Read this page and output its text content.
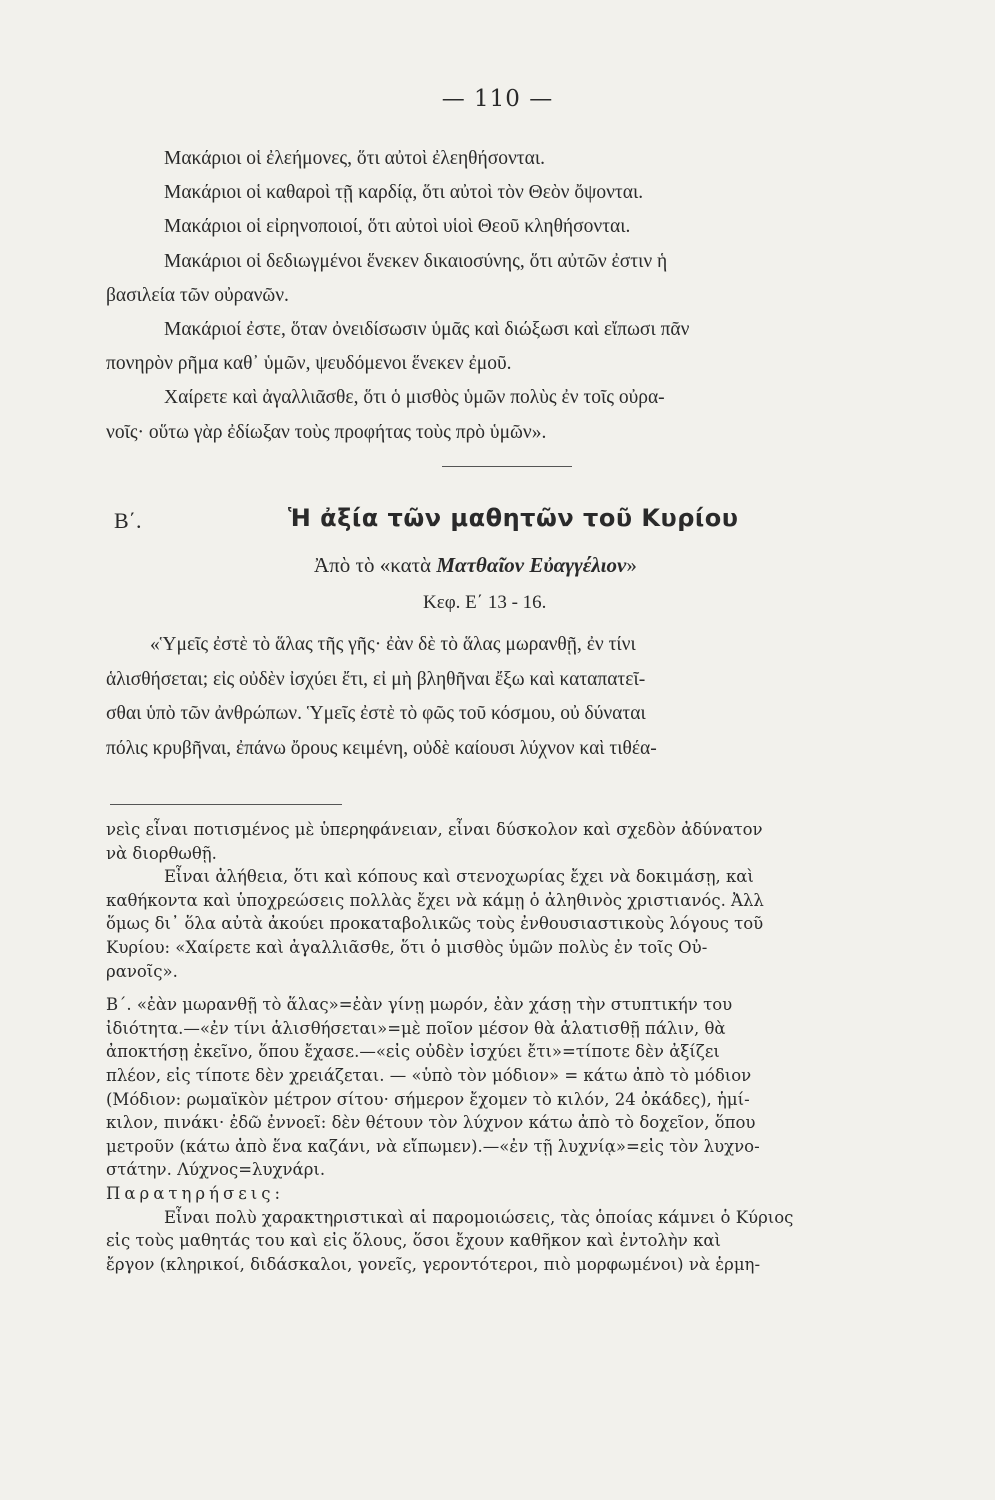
— 110 —

Μακάριοι οἱ ἐλεήμονες, ὅτι αὐτοὶ ἐλεηθήσονται.

Μακάριοι οἱ καθαροὶ τῇ καρδίᾳ, ὅτι αὐτοὶ τὸν Θεὸν ὄψονται.

Μακάριοι οἱ εἰρηνοποιοί, ὅτι αὐτοὶ υἱοὶ Θεοῦ κληθήσονται.

Μακάριοι οἱ δεδιωγμένοι ἕνεκεν δικαιοσύνης, ὅτι αὐτῶν ἐστιν ἡ

βασιλεία τῶν οὐρανῶν.

Μακάριοί ἐστε, ὅταν ὀνειδίσωσιν ὑμᾶς καὶ διώξωσι καὶ εἴπωσι πᾶν

πονηρὸν ρῆμα καθ᾽ ὑμῶν, ψευδόμενοι ἕνεκεν ἐμοῦ.

Χαίρετε καὶ ἀγαλλιᾶσθε, ὅτι ὁ μισθὸς ὑμῶν πολὺς ἐν τοῖς οὐρα-

νοῖς· οὕτω γὰρ ἐδίωξαν τοὺς προφήτας τοὺς πρὸ ὑμῶν».

Β΄.	Ἡ ἀξία τῶν μαθητῶν τοῦ Κυρίου
Ἀπὸ τὸ «κατὰ Ματθαῖον Εὐαγγέλιον»
Κεφ. Ε΄ 13 - 16.

«Ὑμεῖς ἐστὲ τὸ ἅλας τῆς γῆς· ἐὰν δὲ τὸ ἅλας μωρανθῇ, ἐν τίνι

ἁλισθήσεται; εἰς οὐδὲν ἰσχύει ἔτι, εἰ μὴ βληθῆναι ἔξω καὶ καταπατεῖ-

σθαι ὑπὸ τῶν ἀνθρώπων. Ὑμεῖς ἐστὲ τὸ φῶς τοῦ κόσμου, οὐ δύναται

πόλις κρυβῆναι, ἐπάνω ὄρους κειμένη, οὐδὲ καίουσι λύχνον καὶ τιθέα-

νεὶς εἶναι ποτισμένος μὲ ὑπερηφάνειαν, εἶναι δύσκολον καὶ σχεδὸν ἀδύνατον

νὰ διορθωθῇ.

Εἶναι ἀλήθεια, ὅτι καὶ κόπους καὶ στενοχωρίας ἔχει νὰ δοκιμάσῃ, καὶ

καθήκοντα καὶ ὑποχρεώσεις πολλὰς ἔχει νὰ κάμῃ ὁ ἀληθινὸς χριστιανός. Ἀλλ

ὅμως δι᾽ ὅλα αὐτὰ ἀκούει προκαταβολικῶς τοὺς ἐνθουσιαστικοὺς λόγους τοῦ

Κυρίου: «Χαίρετε καὶ ἀγαλλιᾶσθε, ὅτι ὁ μισθὸς ὑμῶν πολὺς ἐν τοῖς Οὐ-

ρανοῖς».

Β΄. «ἐὰν μωρανθῇ τὸ ἅλας»=ἐὰν γίνῃ μωρόν, ἐὰν χάσῃ τὴν στυπτικήν του

ἰδιότητα.—«ἐν τίνι ἁλισθήσεται»=μὲ ποῖον μέσον θὰ ἁλατισθῇ πάλιν, θὰ

ἀποκτήσῃ ἐκεῖνο, ὅπου ἔχασε.—«εἰς οὐδὲν ἰσχύει ἔτι»=τίποτε δὲν ἀξίζει

πλέον, εἰς τίποτε δὲν χρειάζεται. — «ὑπὸ τὸν μόδιον» = κάτω ἀπὸ τὸ μόδιον

(Μόδιον: ρωμαϊκὸν μέτρον σίτου· σήμερον ἔχομεν τὸ κιλόν, 24 ὀκάδες), ἡμί-

κιλον, πινάκι· ἐδῶ ἐννοεῖ: δὲν θέτουν τὸν λύχνον κάτω ἀπὸ τὸ δοχεῖον, ὅπου

μετροῦν (κάτω ἀπὸ ἕνα καζάνι, νὰ εἴπωμεν).—«ἐν τῇ λυχνίᾳ»=εἰς τὸν λυχνο-

στάτην. Λύχνος=λυχνάρι.

Παρατηρήσεις:

Εἶναι πολὺ χαρακτηριστικαὶ αἱ παρομοιώσεις, τὰς ὁποίας κάμνει ὁ Κύριος

εἰς τοὺς μαθητάς του καὶ εἰς ὅλους, ὅσοι ἔχουν καθῆκον καὶ ἐντολὴν καὶ

ἔργον (κληρικοί, διδάσκαλοι, γονεῖς, γεροντότεροι, πιὸ μορφωμένοι) νὰ ἑρμη-
